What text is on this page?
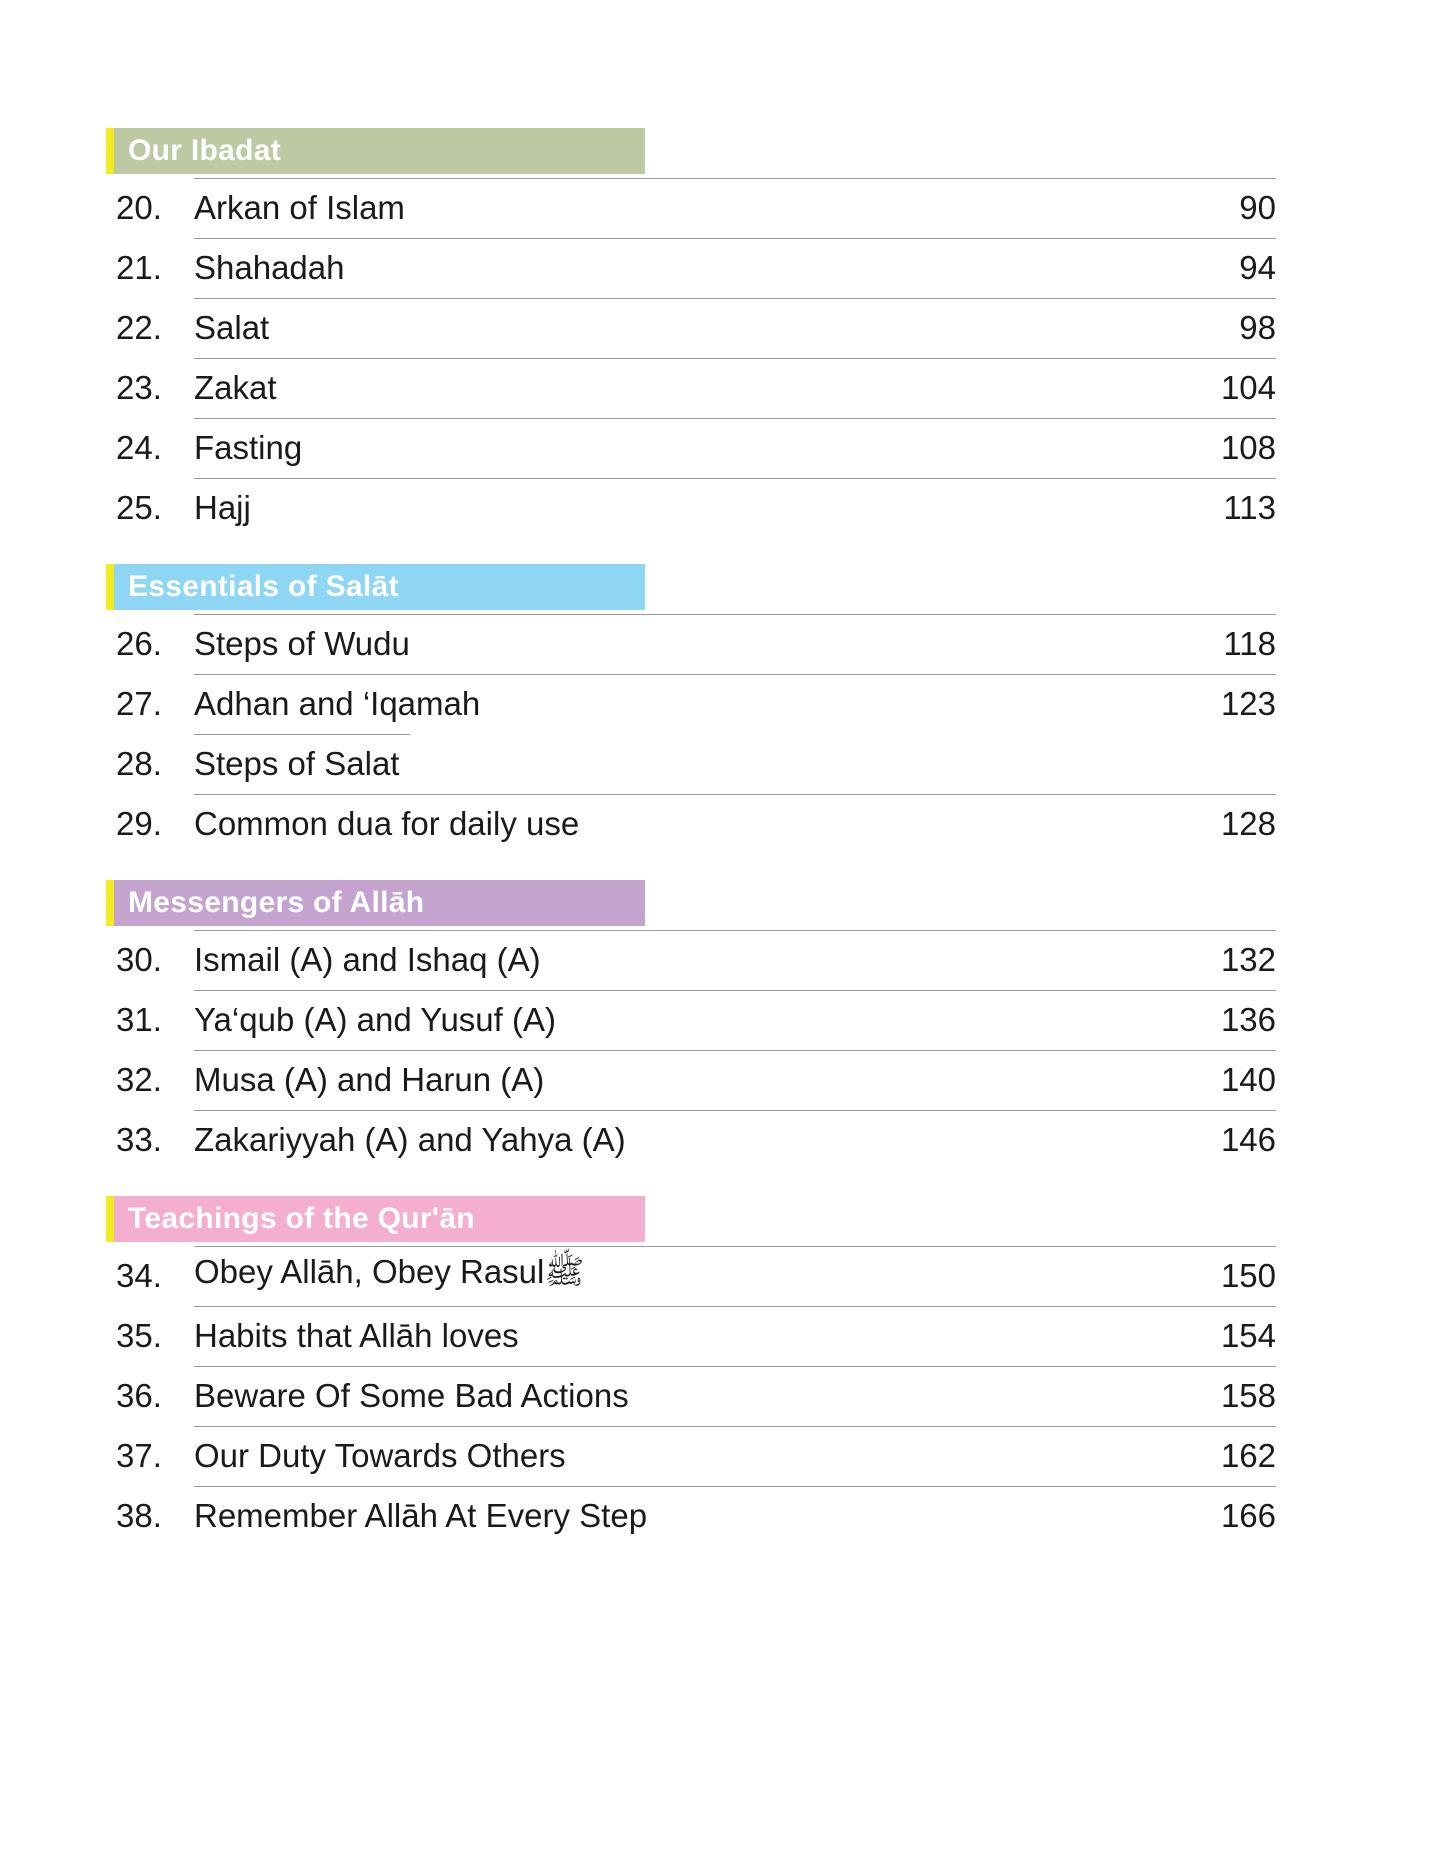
Our Ibadat
20. Arkan of Islam	90
21. Shahadah	94
22. Salat	98
23. Zakat	104
24. Fasting	108
25. Hajj	113
Essentials of Salāt
26. Steps of Wudu	118
27. Adhan and ‘Iqamah	123
28. Steps of Salat
29. Common dua for daily use	128
Messengers of Allāh
30. Ismail (A) and Ishaq (A)	132
31. Ya‘qub (A) and Yusuf (A)	136
32. Musa (A) and Harun (A)	140
33. Zakariyyah (A) and Yahya (A)	146
Teachings of the Qur'ān
34. Obey Allāh, Obey Rasulﷺ	150
35. Habits that Allāh loves	154
36. Beware Of Some Bad Actions	158
37. Our Duty Towards Others	162
38. Remember Allāh At Every Step	166
